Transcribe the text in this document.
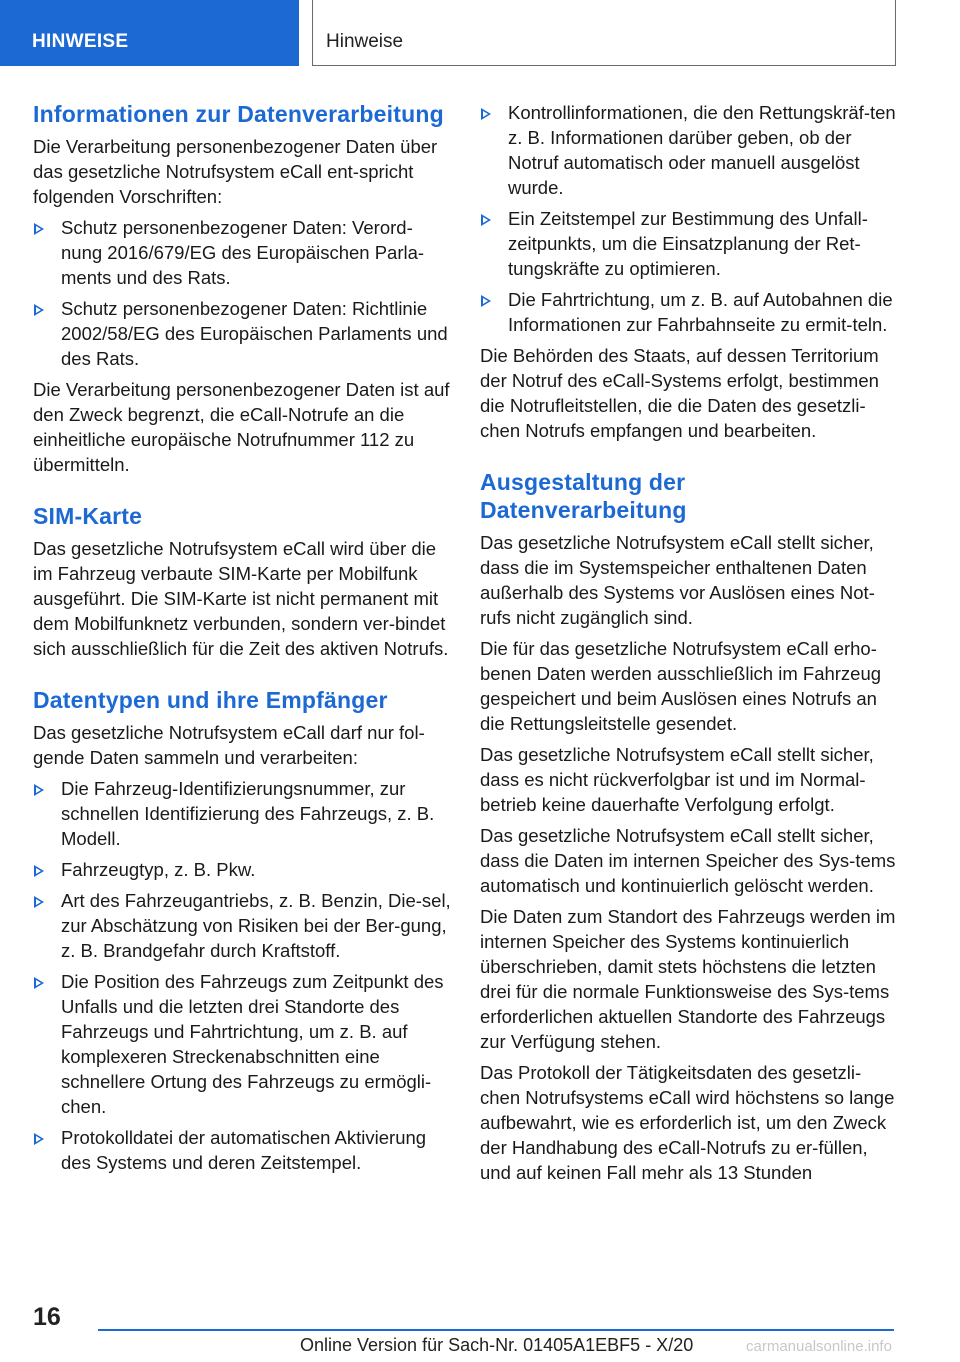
HINWEISE	Hinweise
Informationen zur Datenverarbeitung

Die Verarbeitung personenbezogener Daten über das gesetzliche Notrufsystem eCall ent-spricht folgenden Vorschriften:

Schutz personenbezogener Daten: Verord-nung 2016/679/EG des Europäischen Parla-ments und des Rats.
Schutz personenbezogener Daten: Richtlinie 2002/58/EG des Europäischen Parlaments und des Rats.

Die Verarbeitung personenbezogener Daten ist auf den Zweck begrenzt, die eCall-Notrufe an die einheitliche europäische Notrufnummer 112 zu übermitteln.

SIM-Karte

Das gesetzliche Notrufsystem eCall wird über die im Fahrzeug verbaute SIM-Karte per Mobilfunk ausgeführt. Die SIM-Karte ist nicht permanent mit dem Mobilfunknetz verbunden, sondern ver-bindet sich ausschließlich für die Zeit des aktiven Notrufs.

Datentypen und ihre Empfänger

Das gesetzliche Notrufsystem eCall darf nur fol-gende Daten sammeln und verarbeiten:

Die Fahrzeug-Identifizierungsnummer, zur schnellen Identifizierung des Fahrzeugs, z. B. Modell.
Fahrzeugtyp, z. B. Pkw.
Art des Fahrzeugantriebs, z. B. Benzin, Die-sel, zur Abschätzung von Risiken bei der Ber-gung, z. B. Brandgefahr durch Kraftstoff.
Die Position des Fahrzeugs zum Zeitpunkt des Unfalls und die letzten drei Standorte des Fahrzeugs und Fahrtrichtung, um z. B. auf komplexeren Streckenabschnitten eine schnellere Ortung des Fahrzeugs zu ermögli-chen.
Protokolldatei der automatischen Aktivierung des Systems und deren Zeitstempel.
Kontrollinformationen, die den Rettungskräf-ten z. B. Informationen darüber geben, ob der Notruf automatisch oder manuell ausgelöst wurde.
Ein Zeitstempel zur Bestimmung des Unfall-zeitpunkts, um die Einsatzplanung der Ret-tungskräfte zu optimieren.
Die Fahrtrichtung, um z. B. auf Autobahnen die Informationen zur Fahrbahnseite zu ermit-teln.

Die Behörden des Staats, auf dessen Territorium der Notruf des eCall-Systems erfolgt, bestimmen die Notrufleitstellen, die die Daten des gesetzli-chen Notrufs empfangen und bearbeiten.

Ausgestaltung der Datenverarbeitung

Das gesetzliche Notrufsystem eCall stellt sicher, dass die im Systemspeicher enthaltenen Daten außerhalb des Systems vor Auslösen eines Not-rufs nicht zugänglich sind.

Die für das gesetzliche Notrufsystem eCall erho-benen Daten werden ausschließlich im Fahrzeug gespeichert und beim Auslösen eines Notrufs an die Rettungsleitstelle gesendet.

Das gesetzliche Notrufsystem eCall stellt sicher, dass es nicht rückverfolgbar ist und im Normal-betrieb keine dauerhafte Verfolgung erfolgt.

Das gesetzliche Notrufsystem eCall stellt sicher, dass die Daten im internen Speicher des Sys-tems automatisch und kontinuierlich gelöscht werden.

Die Daten zum Standort des Fahrzeugs werden im internen Speicher des Systems kontinuierlich überschrieben, damit stets höchstens die letzten drei für die normale Funktionsweise des Sys-tems erforderlichen aktuellen Standorte des Fahrzeugs zur Verfügung stehen.

Das Protokoll der Tätigkeitsdaten des gesetzli-chen Notrufsystems eCall wird höchstens so lange aufbewahrt, wie es erforderlich ist, um den Zweck der Handhabung des eCall-Notrufs zu er-füllen, und auf keinen Fall mehr als 13 Stunden

16
Online Version für Sach-Nr. 01405A1EBF5 - X/20	carmanualsonline.info
